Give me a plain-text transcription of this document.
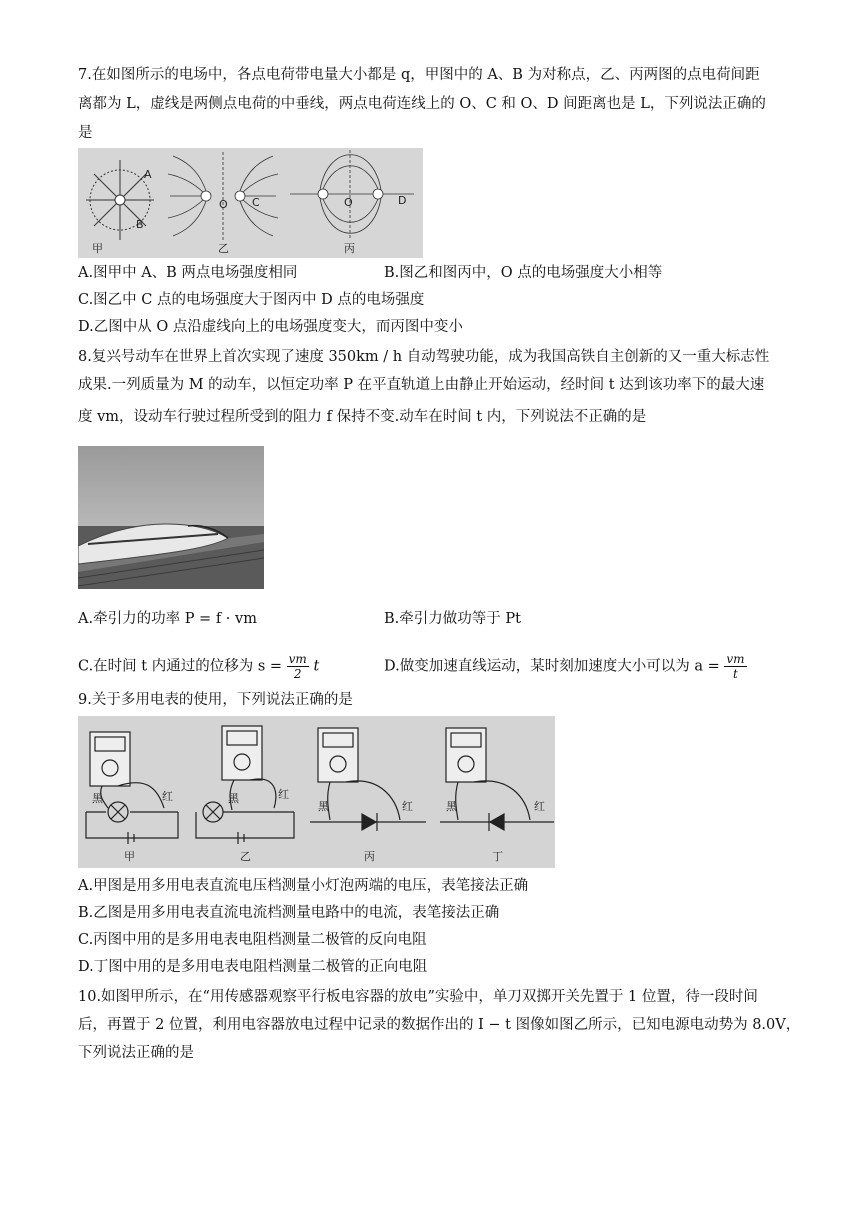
7.在如图所示的电场中，各点电荷带电量大小都是 q，甲图中的 A、B 为对称点，乙、丙两图的点电荷间距
离都为 L，虚线是两侧点电荷的中垂线，两点电荷连线上的 O、C 和 O、D 间距离也是 L，下列说法正确的
是
A
B
甲
O C
乙
O	D
丙
A.图甲中 A、B 两点电场强度相同	B.图乙和图丙中，O 点的电场强度大小相等
C.图乙中 C 点的电场强度大于图丙中 D 点的电场强度
D.乙图中从 O 点沿虚线向上的电场强度变大，而丙图中变小
8.复兴号动车在世界上首次实现了速度 350km / h 自动驾驶功能，成为我国高铁自主创新的又一重大标志性
成果.一列质量为 M 的动车，以恒定功率 P 在平直轨道上由静止开始运动，经时间 t 达到该功率下的最大速
度 vm，设动车行驶过程所受到的阻力 f 保持不变.动车在时间 t 内，下列说法不正确的是
A.牵引力的功率 P = f · vm	B.牵引力做功等于 Pt
C.在时间 t 内通过的位移为 $s = \frac{vm}{2}$ t	D.做变加速直线运动，某时刻加速度大小可以为 $a = \frac{vm}{t}$
9.关于多用电表的使用，下列说法正确的是
黑	红	黑	红
黑	红	黑	红
甲	乙	丙	丁
A.甲图是用多用电表直流电压档测量小灯泡两端的电压，表笔接法正确
B.乙图是用多用电表直流电流档测量电路中的电流，表笔接法正确
C.丙图中用的是多用电表电阻档测量二极管的反向电阻
D.丁图中用的是多用电表电阻档测量二极管的正向电阻
10.如图甲所示，在“用传感器观察平行板电容器的放电”实验中，单刀双掷开关先置于 1 位置，待一段时间
后，再置于 2 位置，利用电容器放电过程中记录的数据作出的 I − t 图像如图乙所示，已知电源电动势为 8.0V，
下列说法正确的是
